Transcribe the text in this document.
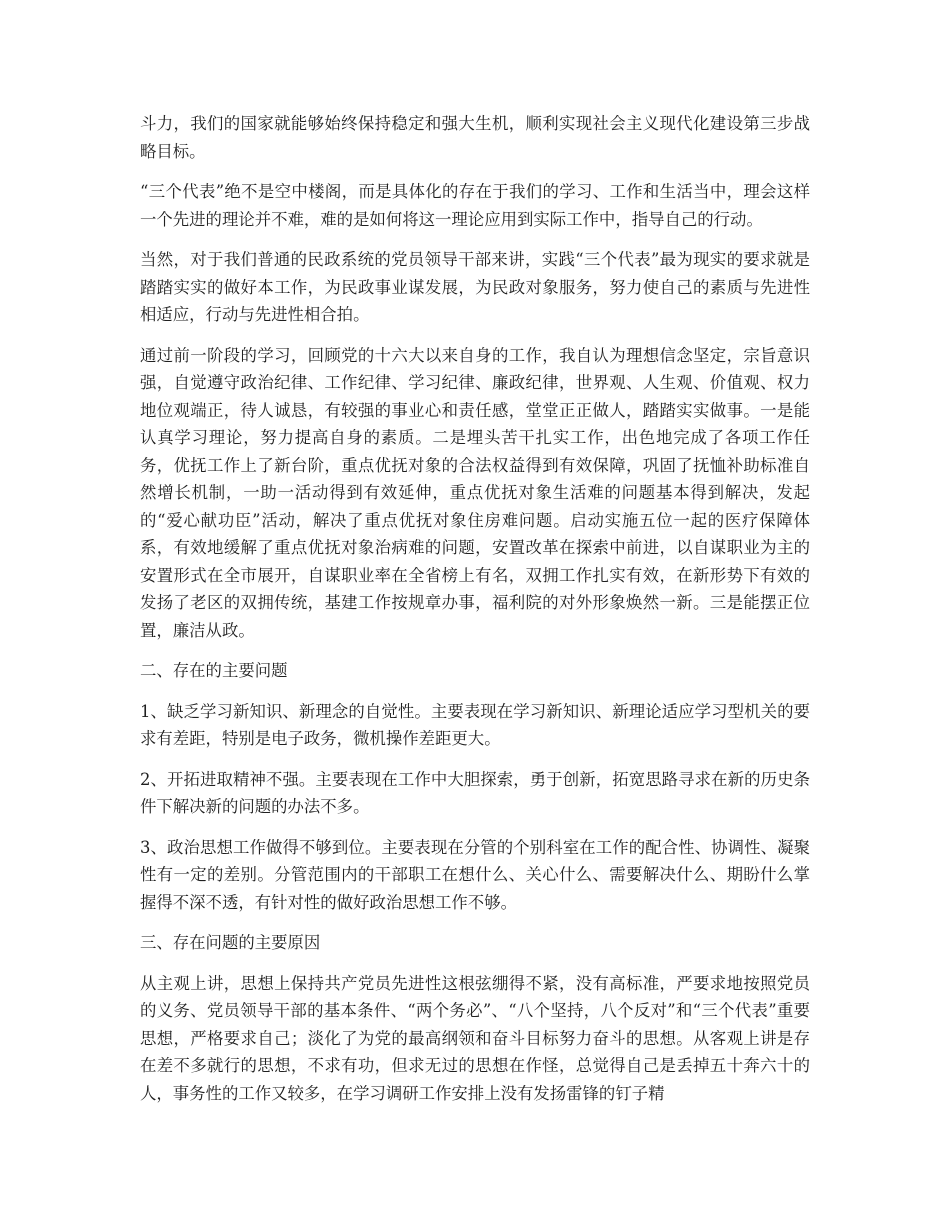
斗力，我们的国家就能够始终保持稳定和强大生机，顺利实现社会主义现代化建设第三步战略目标。

“三个代表”绝不是空中楼阁，而是具体化的存在于我们的学习、工作和生活当中，理会这样一个先进的理论并不难，难的是如何将这一理论应用到实际工作中，指导自己的行动。

当然，对于我们普通的民政系统的党员领导干部来讲，实践“三个代表”最为现实的要求就是踏踏实实的做好本工作，为民政事业谋发展，为民政对象服务，努力使自己的素质与先进性相适应，行动与先进性相合拍。

通过前一阶段的学习，回顾党的十六大以来自身的工作，我自认为理想信念坚定，宗旨意识强，自觉遵守政治纪律、工作纪律、学习纪律、廉政纪律，世界观、人生观、价值观、权力地位观端正，待人诚恳，有较强的事业心和责任感，堂堂正正做人，踏踏实实做事。一是能认真学习理论，努力提高自身的素质。二是埋头苦干扎实工作，出色地完成了各项工作任务，优抚工作上了新台阶，重点优抚对象的合法权益得到有效保障，巩固了抚恤补助标准自然增长机制，一助一活动得到有效延伸，重点优抚对象生活难的问题基本得到解决，发起的“爱心献功臣”活动，解决了重点优抚对象住房难问题。启动实施五位一起的医疗保障体系，有效地缓解了重点优抚对象治病难的问题，安置改革在探索中前进，以自谋职业为主的安置形式在全市展开，自谋职业率在全省榜上有名，双拥工作扎实有效，在新形势下有效的发扬了老区的双拥传统，基建工作按规章办事，福利院的对外形象焕然一新。三是能摆正位置，廉洁从政。

二、存在的主要问题

1、缺乏学习新知识、新理念的自觉性。主要表现在学习新知识、新理论适应学习型机关的要求有差距，特别是电子政务，微机操作差距更大。

2、开拓进取精神不强。主要表现在工作中大胆探索，勇于创新，拓宽思路寻求在新的历史条件下解决新的问题的办法不多。

3、政治思想工作做得不够到位。主要表现在分管的个别科室在工作的配合性、协调性、凝聚性有一定的差别。分管范围内的干部职工在想什么、关心什么、需要解决什么、期盼什么掌握得不深不透，有针对性的做好政治思想工作不够。

三、存在问题的主要原因

从主观上讲，思想上保持共产党员先进性这根弦绷得不紧，没有高标准，严要求地按照党员的义务、党员领导干部的基本条件、“两个务必”、“八个坚持，八个反对”和“三个代表”重要思想，严格要求自己；淡化了为党的最高纲领和奋斗目标努力奋斗的思想。从客观上讲是存在差不多就行的思想，不求有功，但求无过的思想在作怪，总觉得自己是丢掉五十奔六十的人，事务性的工作又较多，在学习调研工作安排上没有发扬雷锋的钉子精
